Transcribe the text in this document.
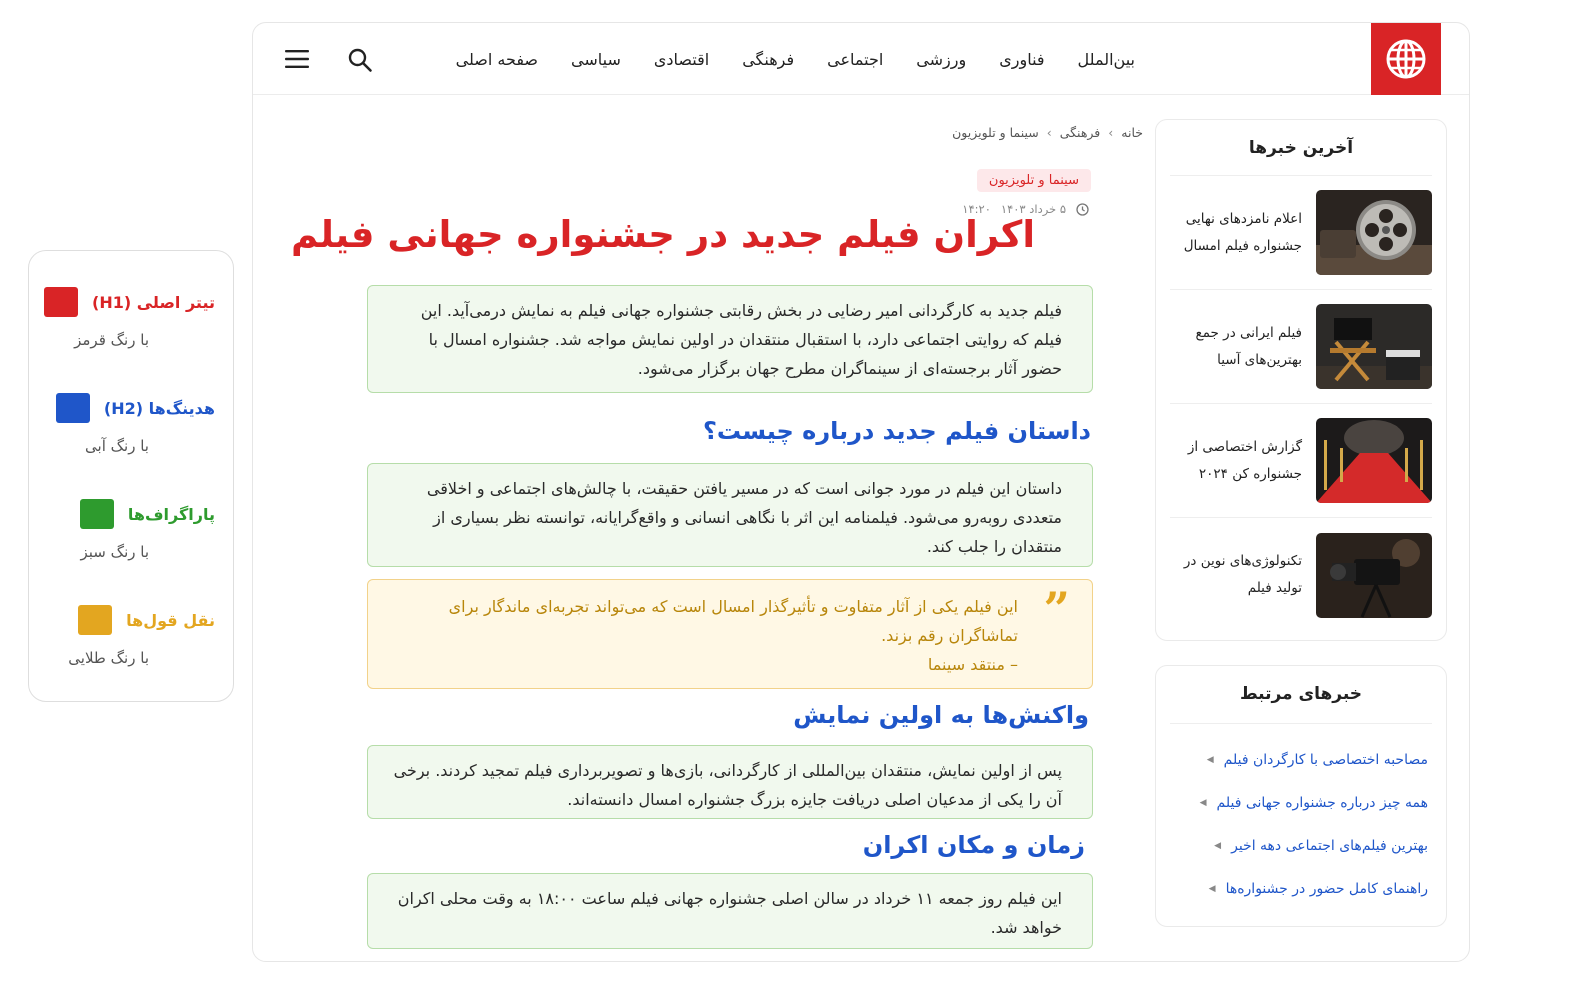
تیتر اصلی (H1)
با رنگ قرمز
هدینگ‌ها (H2)
با رنگ آبی
پاراگراف‌ها
با رنگ سبز
نقل قول‌ها
با رنگ طلایی
صفحه اصلی سیاسی اقتصادی فرهنگی اجتماعی ورزشی فناوری بین‌الملل
آخرین خبرها
اعلام نامزدهای نهایی جشنواره فیلم امسال
فیلم ایرانی در جمع بهترین‌های آسیا
گزارش اختصاصی از جشنواره کن ۲۰۲۴
تکنولوژی‌های نوین در تولید فیلم
خبرهای مرتبط
◀ مصاحبه اختصاصی با کارگردان فیلم
◀ همه چیز درباره جشنواره جهانی فیلم
◀ بهترین فیلم‌های اجتماعی دهه اخیر
◀ راهنمای کامل حضور در جشنواره‌ها
خانه
›
فرهنگی
›
سینما و تلویزیون
سینما و تلویزیون
۵ خرداد ۱۴۰۳
۱۴:۲۰
اکران فیلم جدید در جشنواره جهانی فیلم
فیلم جدید به کارگردانی امیر رضایی در بخش رقابتی جشنواره جهانی فیلم به نمایش درمی‌آید. این فیلم که روایتی اجتماعی دارد، با استقبال منتقدان در اولین نمایش مواجه شد. جشنواره امسال با حضور آثار برجسته‌ای از سینماگران مطرح جهان برگزار می‌شود.
داستان فیلم جدید درباره چیست؟
داستان این فیلم در مورد جوانی است که در مسیر یافتن حقیقت، با چالش‌های اجتماعی و اخلاقی متعددی روبه‌رو می‌شود. فیلمنامه این اثر با نگاهی انسانی و واقع‌گرایانه، توانسته نظر بسیاری از منتقدان را جلب کند.
”
این فیلم یکی از آثار متفاوت و تأثیرگذار امسال است که می‌تواند تجربه‌ای ماندگار برای تماشاگران رقم بزند.
– منتقد سینما
واکنش‌ها به اولین نمایش
پس از اولین نمایش، منتقدان بین‌المللی از کارگردانی، بازی‌ها و تصویربرداری فیلم تمجید کردند. برخی آن را یکی از مدعیان اصلی دریافت جایزه بزرگ جشنواره امسال دانسته‌اند.
زمان و مکان اکران
این فیلم روز جمعه ۱۱ خرداد در سالن اصلی جشنواره جهانی فیلم ساعت ۱۸:۰۰ به وقت محلی اکران خواهد شد.
